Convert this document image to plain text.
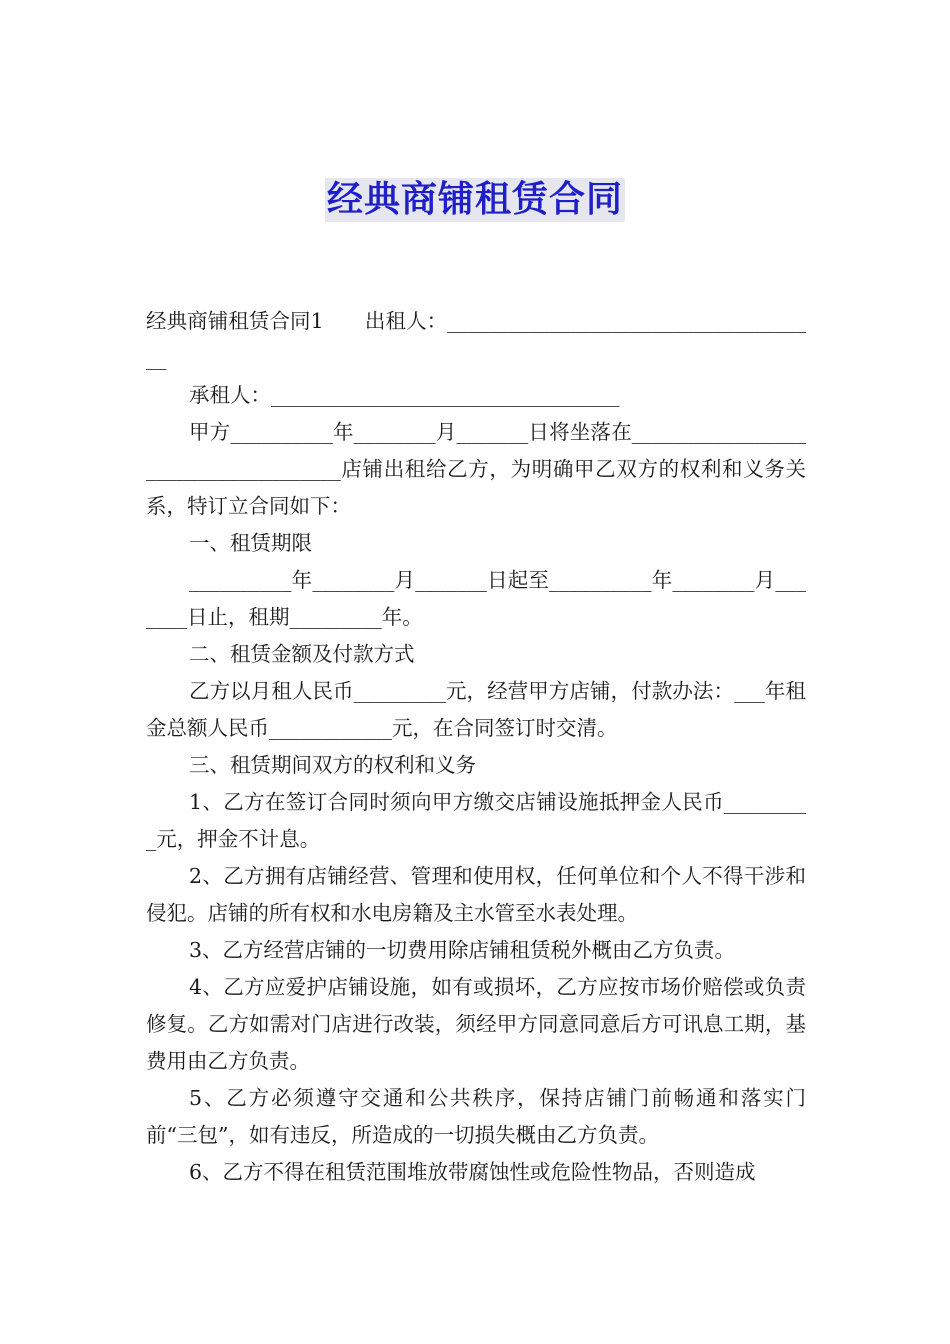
经典商铺租赁合同

经典商铺租赁合同1　　出租人：_____________________________________

承租人：__________________________________

甲方__________年________月_______日将坐落在____________________________________店铺出租给乙方，为明确甲乙双方的权利和义务关系，特订立合同如下：

一、租赁期限

__________年________月_______日起至__________年________月_______日止，租期_________年。

二、租赁金额及付款方式

乙方以月租人民币_________元，经营甲方店铺，付款办法：___年租金总额人民币____________元，在合同签订时交清。

三、租赁期间双方的权利和义务

1、乙方在签订合同时须向甲方缴交店铺设施抵押金人民币_________元，押金不计息。

2、乙方拥有店铺经营、管理和使用权，任何单位和个人不得干涉和侵犯。店铺的所有权和水电房籍及主水管至水表处理。

3、乙方经营店铺的一切费用除店铺租赁税外概由乙方负责。

4、乙方应爱护店铺设施，如有或损坏，乙方应按市场价赔偿或负责修复。乙方如需对门店进行改装，须经甲方同意同意后方可讯息工期，基费用由乙方负责。

5、乙方必须遵守交通和公共秩序，保持店铺门前畅通和落实门前“三包”，如有违反，所造成的一切损失概由乙方负责。

6、乙方不得在租赁范围堆放带腐蚀性或危险性物品，否则造成
